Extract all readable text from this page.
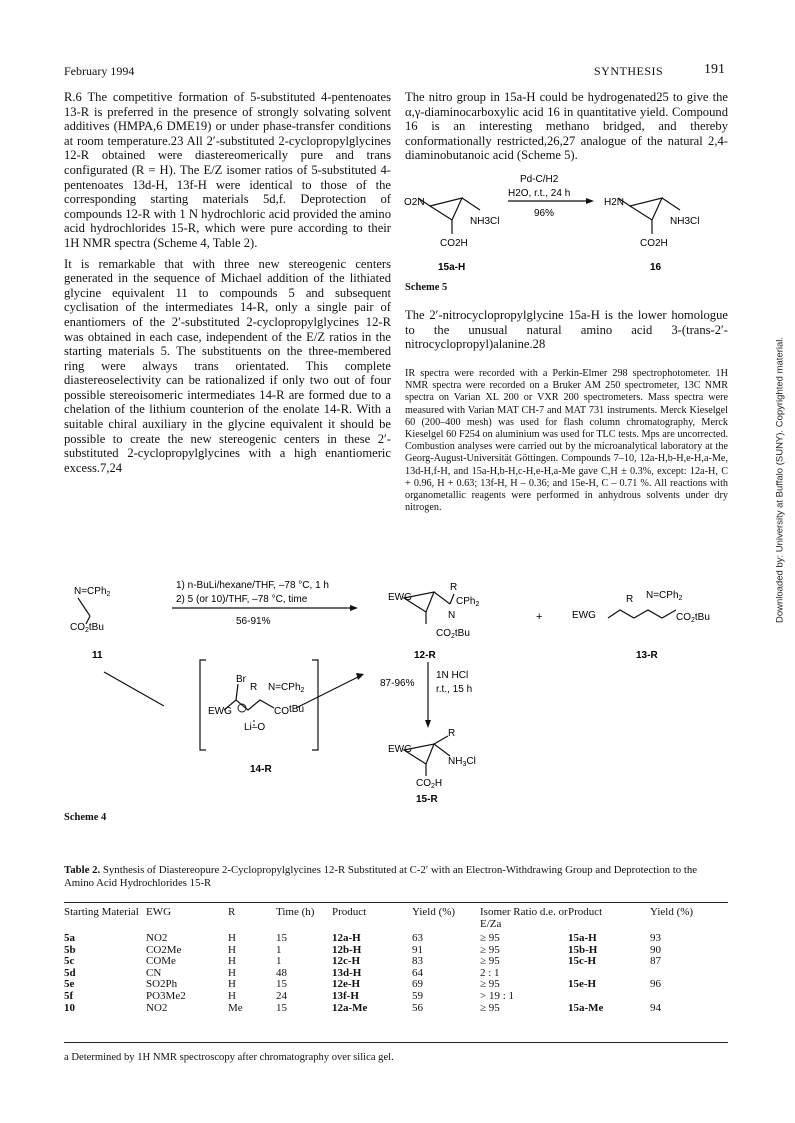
February 1994	SYNTHESIS	191

R.6 The competitive formation of 5-substituted 4-pentenoates 13-R is preferred in the presence of strongly solvating solvent additives (HMPA,6 DME19) or under phase-transfer conditions at room temperature.23 All 2′-substituted 2-cyclopropylglycines 12-R obtained were diastereomerically pure and trans configurated (R = H). The E/Z isomer ratios of 5-substituted 4-pentenoates 13d-H, 13f-H were identical to those of the corresponding starting materials 5d,f. Deprotection of compounds 12-R with 1 N hydrochloric acid provided the amino acid hydrochlorides 15-R, which were pure according to their 1H NMR spectra (Scheme 4, Table 2).

It is remarkable that with three new stereogenic centers generated in the sequence of Michael addition of the lithiated glycine equivalent 11 to compounds 5 and subsequent cyclisation of the intermediates 14-R, only a single pair of enantiomers of the 2′-substituted 2-cyclopropylglycines 12-R was obtained in each case, independent of the E/Z ratios in the starting materials 5. The substituents on the three-membered ring were always trans orientated. This complete diastereoselectivity can be rationalized if only two out of four possible stereoisomeric intermediates 14-R are formed due to a chelation of the lithium counterion of the enolate 14-R. With a suitable chiral auxiliary in the glycine equivalent it should be possible to create the new stereogenic centers in these 2′-substituted 2-cyclopropylglycines with a high enantiomeric excess.7,24

The nitro group in 15a-H could be hydrogenated25 to give the α,γ-diaminocarboxylic acid 16 in quantitative yield. Compound 16 is an interesting methano bridged, and thereby conformationally restricted,26,27 analogue of the natural 2,4-diaminobutanoic acid (Scheme 5).

O2N
NH3Cl
CO2H
15a-H
Pd-C/H2
H2O, r.t., 24 h
96%
H2N
NH3Cl
CO2H
16
Scheme 5

The 2′-nitrocyclopropylglycine 15a-H is the lower homologue to the unusual natural amino acid 3-(trans-2′-nitrocyclopropyl)alanine.28

IR spectra were recorded with a Perkin-Elmer 298 spectrophotometer. 1H NMR spectra were recorded on a Bruker AM 250 spectrometer, 13C NMR spectra on Varian XL 200 or VXR 200 spectrometers. Mass spectra were measured with Varian MAT CH-7 and MAT 731 instruments. Merck Kieselgel 60 (200–400 mesh) was used for flash column chromatography, Merck Kieselgel 60 F254 on aluminium was used for TLC tests. Mps are uncorrected. Combustion analyses were carried out by the microanalytical laboratory at the Georg-August-Universität Göttingen. Compounds 7–10, 12a-H,b-H,e-H,a-Me, 13d-H,f-H, and 15a-H,b-H,c-H,e-H,a-Me gave C,H ± 0.3%, except: 12a-H, C + 0.96, H + 0.63; 13f-H, H – 0.36; and 15e-H, C – 0.71 %. All reactions with organometallic reagents were performed in anhydrous solvents under dry nitrogen.
N=CPh$_2$
$CO_2tBu$
11
1) n-BuLi/hexane/THF, –78 °C, 1 h
2) 5 (or 10)/THF, –78 °C, time
56-91%
EWG
R
CPh$_2$
N
$CO_2tBu$
12-R
+	EWG
R N=CPh$_2$
$CO_2tBu$
13-R
1N HCl
r.t., 15 h
87-96%
Br
R N=CPh$_2$
EWG	COtBu
Li–O
14-R
EWG
R
$NH_3Cl$
$CO_2H$
15-R
Scheme 4
Downloaded by: University at Buffalo (SUNY). Copyrighted material.
Table 2. Synthesis of Diastereopure 2-Cyclopropylglycines 12-R Substituted at C-2′ with an Electron-Withdrawing Group and Deprotection to the Amino Acid Hydrochlorides 15-R
Starting Material	EWG	R	Time (h)	Product	Yield (%)	Isomer Ratio d.e. or E/Za	Product	Yield (%)
5a	NO2	H	15	12a-H	63	≥ 95	15a-H	93
5b	CO2Me	H	1	12b-H	91	≥ 95	15b-H	90
5c	COMe	H	1	12c-H	83	≥ 95	15c-H	87
5d	CN	H	48	13d-H	64	2 : 1		
5e	SO2Ph	H	15	12e-H	69	≥ 95	15e-H	96
5f	PO3Me2	H	24	13f-H	59	> 19 : 1		
10	NO2	Me	15	12a-Me	56	≥ 95	15a-Me	94
a Determined by 1H NMR spectroscopy after chromatography over silica gel.
